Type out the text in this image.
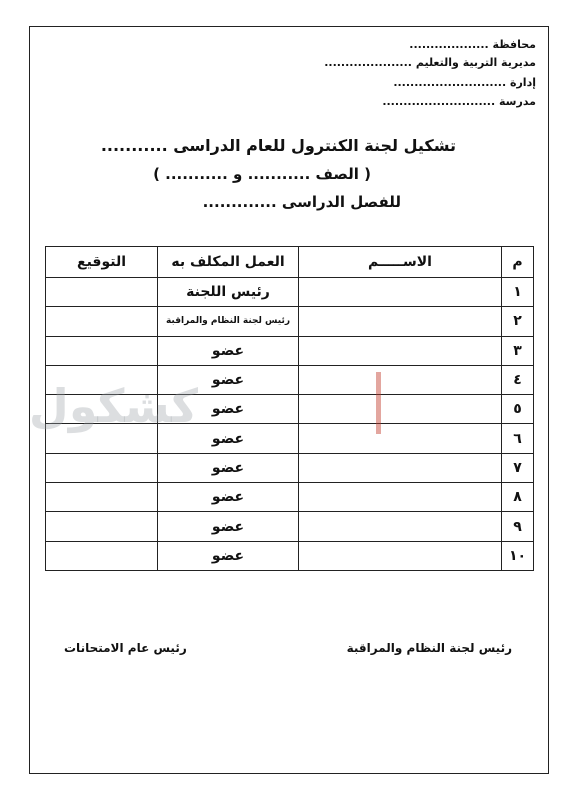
محافظة ...................
مديرية التربية والتعليم .....................
إدارة ...........................
مدرسة ...........................
تشكيل لجنة الكنترول للعام الدراسى ...........
( الصف ........... و ........... )
للفصل الدراسى .............
م	الاســـــم	العمل المكلف به	التوقيع
١		رئيس اللجنة	
٢		رئيس لجنة النظام والمراقبة	
٣		عضو	
٤		عضو	
٥		عضو	
٦		عضو	
٧		عضو	
٨		عضو	
٩		عضو	
١٠		عضو	
كشكول
رئيس لجنة النظام والمراقبة
رئيس عام الامتحانات
